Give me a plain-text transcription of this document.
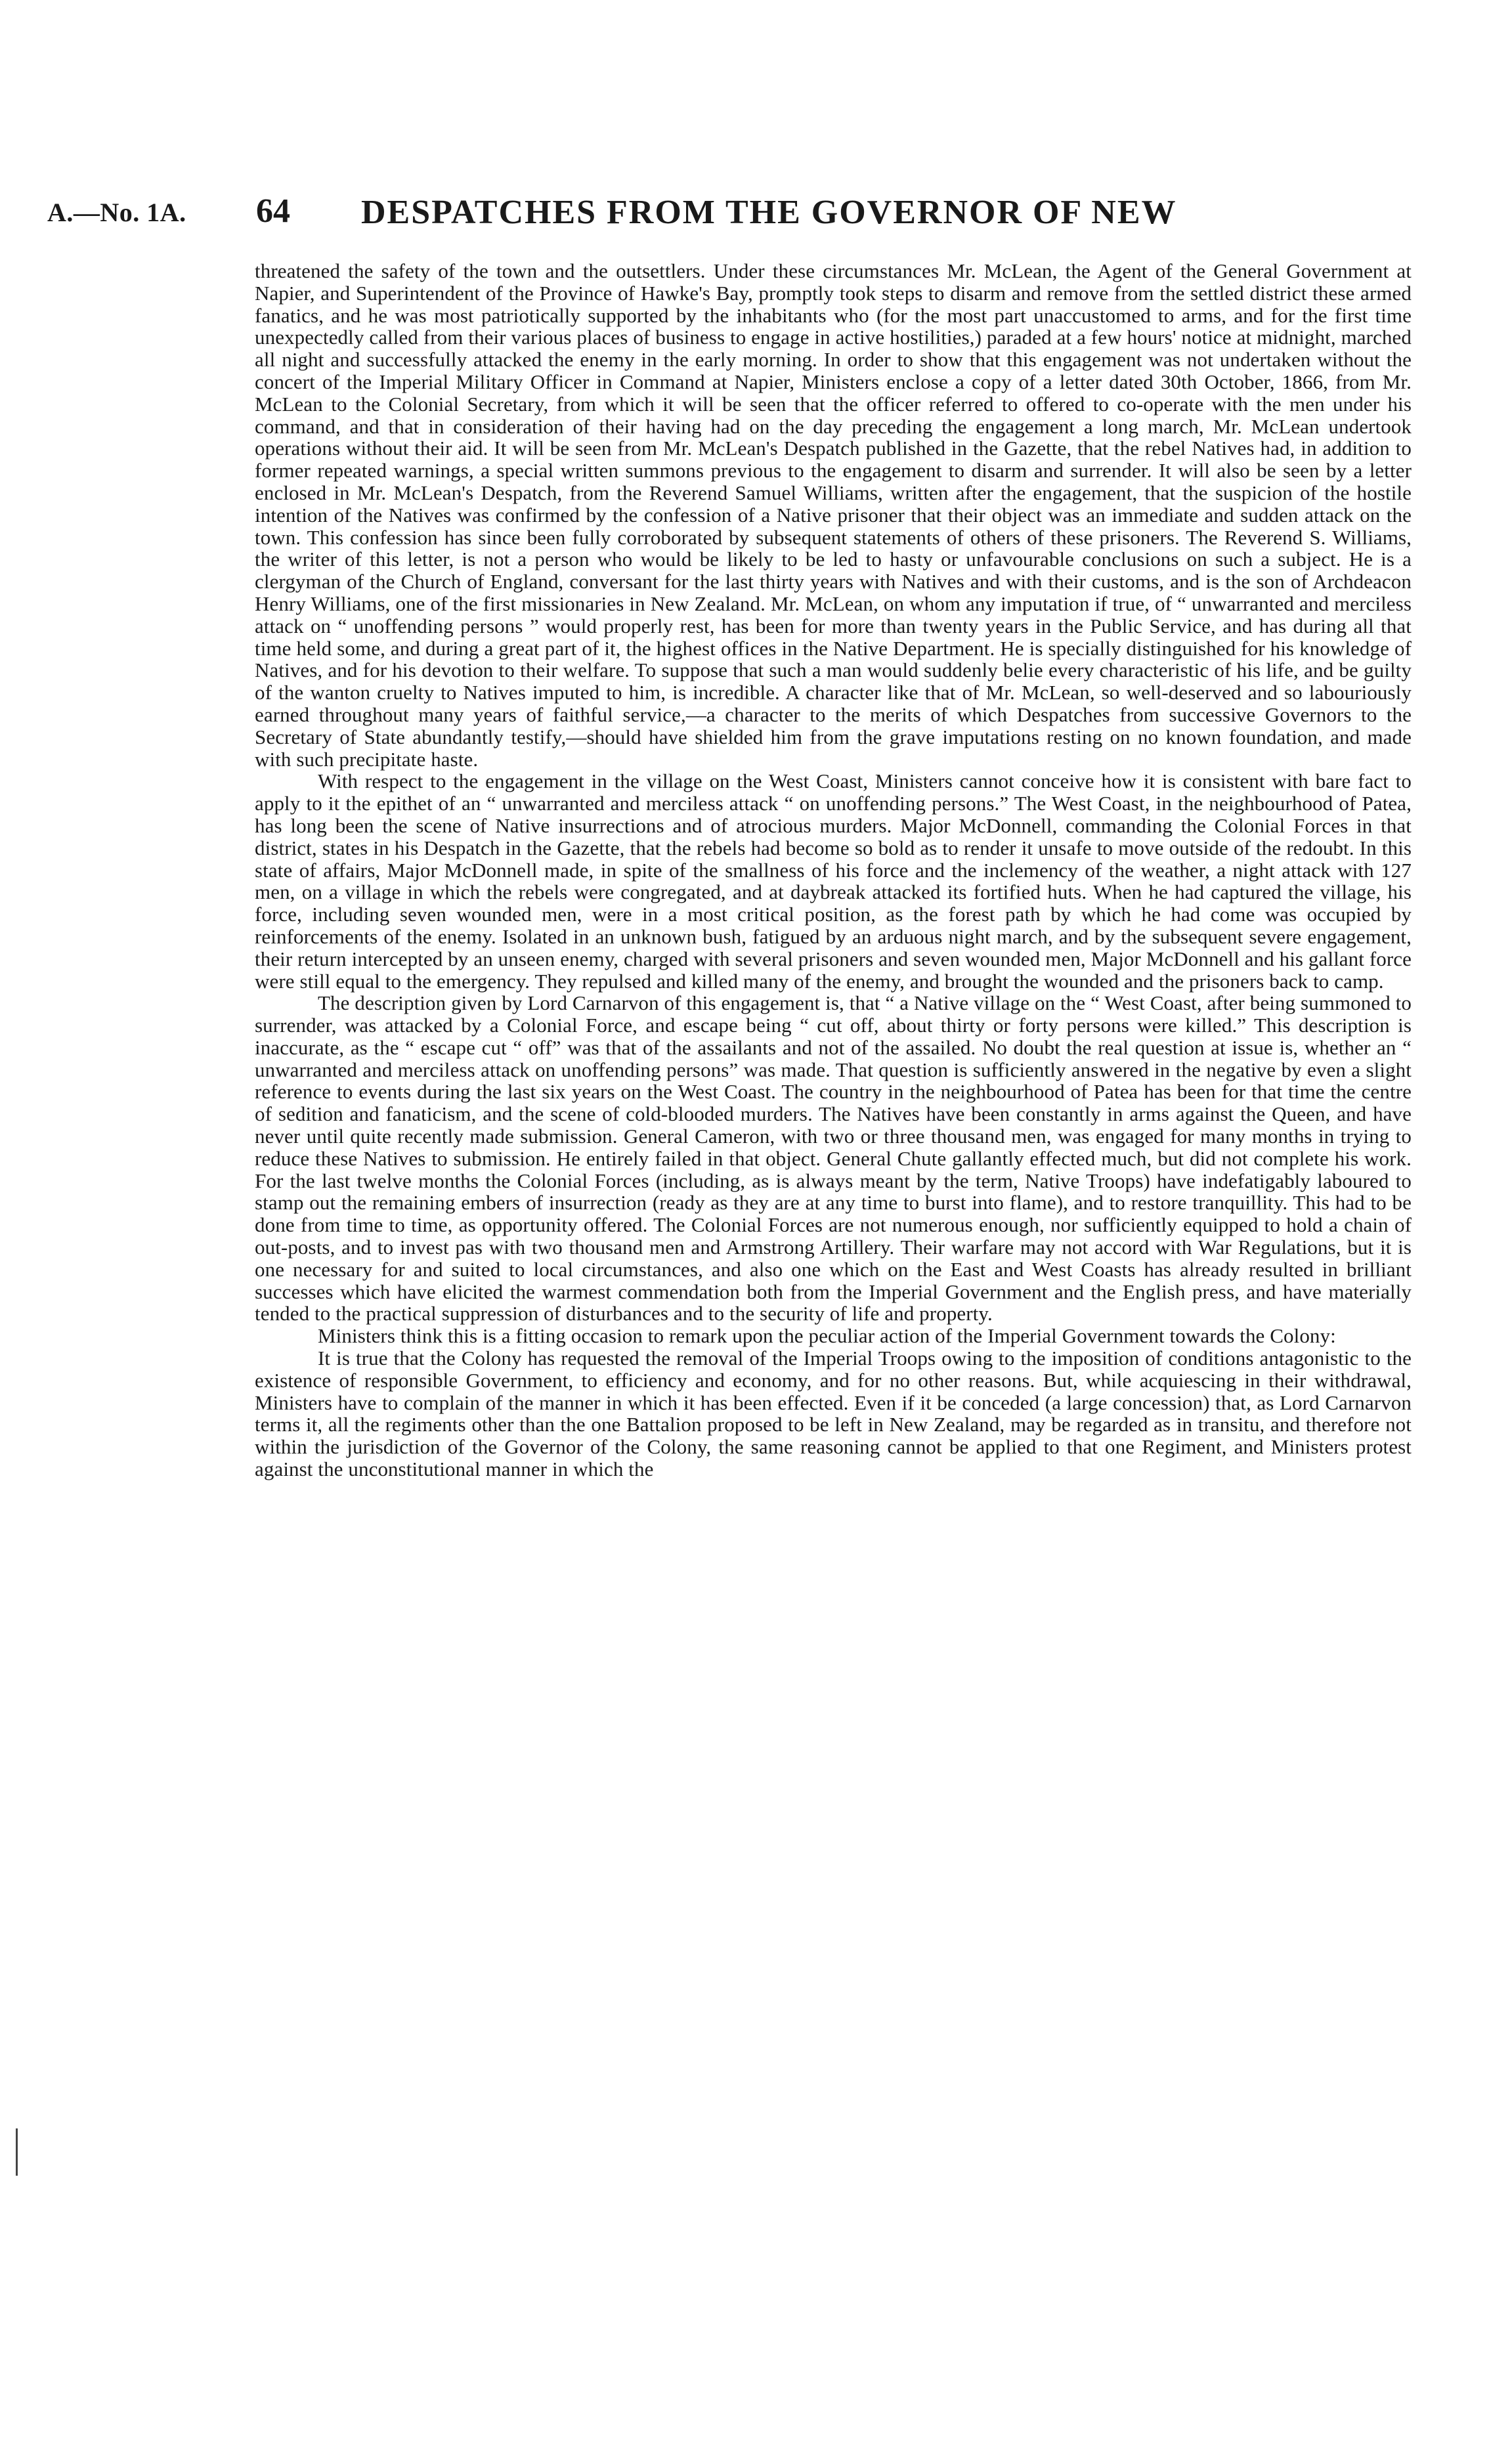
A.—No. 1A. 64 DESPATCHES FROM THE GOVERNOR OF NEW

threatened the safety of the town and the outsettlers. Under these circumstances Mr. McLean, the Agent of the General Government at Napier, and Superintendent of the Province of Hawke's Bay, promptly took steps to disarm and remove from the settled district these armed fanatics, and he was most patriotically supported by the inhabitants who (for the most part unaccustomed to arms, and for the first time unexpectedly called from their various places of business to engage in active hostilities,) paraded at a few hours' notice at midnight, marched all night and successfully attacked the enemy in the early morning. In order to show that this engagement was not undertaken without the concert of the Imperial Military Officer in Command at Napier, Ministers enclose a copy of a letter dated 30th October, 1866, from Mr. McLean to the Colonial Secretary, from which it will be seen that the officer referred to offered to co-operate with the men under his command, and that in consideration of their having had on the day preceding the engagement a long march, Mr. McLean undertook operations without their aid. It will be seen from Mr. McLean's Despatch published in the Gazette, that the rebel Natives had, in addition to former repeated warnings, a special written summons previous to the engagement to disarm and surrender. It will also be seen by a letter enclosed in Mr. McLean's Despatch, from the Reverend Samuel Williams, written after the engagement, that the suspicion of the hostile intention of the Natives was confirmed by the confession of a Native prisoner that their object was an immediate and sudden attack on the town. This confession has since been fully corroborated by subsequent statements of others of these prisoners. The Reverend S. Williams, the writer of this letter, is not a person who would be likely to be led to hasty or unfavourable conclusions on such a subject. He is a clergyman of the Church of England, conversant for the last thirty years with Natives and with their customs, and is the son of Archdeacon Henry Williams, one of the first missionaries in New Zealand. Mr. McLean, on whom any imputation if true, of “ unwarranted and merciless attack on “ unoffending persons ” would properly rest, has been for more than twenty years in the Public Service, and has during all that time held some, and during a great part of it, the highest offices in the Native Department. He is specially distinguished for his knowledge of Natives, and for his devotion to their welfare. To suppose that such a man would suddenly belie every characteristic of his life, and be guilty of the wanton cruelty to Natives imputed to him, is incredible. A character like that of Mr. McLean, so well-deserved and so labouriously earned throughout many years of faithful service,—a character to the merits of which Despatches from successive Governors to the Secretary of State abundantly testify,—should have shielded him from the grave imputations resting on no known foundation, and made with such precipitate haste.

With respect to the engagement in the village on the West Coast, Ministers cannot conceive how it is consistent with bare fact to apply to it the epithet of an “ unwarranted and merciless attack “ on unoffending persons.” The West Coast, in the neighbourhood of Patea, has long been the scene of Native insurrections and of atrocious murders. Major McDonnell, commanding the Colonial Forces in that district, states in his Despatch in the Gazette, that the rebels had become so bold as to render it unsafe to move outside of the redoubt. In this state of affairs, Major McDonnell made, in spite of the smallness of his force and the inclemency of the weather, a night attack with 127 men, on a village in which the rebels were congregated, and at daybreak attacked its fortified huts. When he had captured the village, his force, including seven wounded men, were in a most critical position, as the forest path by which he had come was occupied by reinforcements of the enemy. Isolated in an unknown bush, fatigued by an arduous night march, and by the subsequent severe engagement, their return intercepted by an unseen enemy, charged with several prisoners and seven wounded men, Major McDonnell and his gallant force were still equal to the emergency. They repulsed and killed many of the enemy, and brought the wounded and the prisoners back to camp.

The description given by Lord Carnarvon of this engagement is, that “ a Native village on the “ West Coast, after being summoned to surrender, was attacked by a Colonial Force, and escape being “ cut off, about thirty or forty persons were killed.” This description is inaccurate, as the “ escape cut “ off” was that of the assailants and not of the assailed. No doubt the real question at issue is, whether an “ unwarranted and merciless attack on unoffending persons” was made. That question is sufficiently answered in the negative by even a slight reference to events during the last six years on the West Coast. The country in the neighbourhood of Patea has been for that time the centre of sedition and fanaticism, and the scene of cold-blooded murders. The Natives have been constantly in arms against the Queen, and have never until quite recently made submission. General Cameron, with two or three thousand men, was engaged for many months in trying to reduce these Natives to submission. He entirely failed in that object. General Chute gallantly effected much, but did not complete his work. For the last twelve months the Colonial Forces (including, as is always meant by the term, Native Troops) have indefatigably laboured to stamp out the remaining embers of insurrection (ready as they are at any time to burst into flame), and to restore tranquillity. This had to be done from time to time, as opportunity offered. The Colonial Forces are not numerous enough, nor sufficiently equipped to hold a chain of out-posts, and to invest pas with two thousand men and Armstrong Artillery. Their warfare may not accord with War Regulations, but it is one necessary for and suited to local circumstances, and also one which on the East and West Coasts has already resulted in brilliant successes which have elicited the warmest commendation both from the Imperial Government and the English press, and have materially tended to the practical suppression of disturbances and to the security of life and property.

Ministers think this is a fitting occasion to remark upon the peculiar action of the Imperial Government towards the Colony:

It is true that the Colony has requested the removal of the Imperial Troops owing to the imposition of conditions antagonistic to the existence of responsible Government, to efficiency and economy, and for no other reasons. But, while acquiescing in their withdrawal, Ministers have to complain of the manner in which it has been effected. Even if it be conceded (a large concession) that, as Lord Carnarvon terms it, all the regiments other than the one Battalion proposed to be left in New Zealand, may be regarded as in transitu, and therefore not within the jurisdiction of the Governor of the Colony, the same reasoning cannot be applied to that one Regiment, and Ministers protest against the unconstitutional manner in which the
